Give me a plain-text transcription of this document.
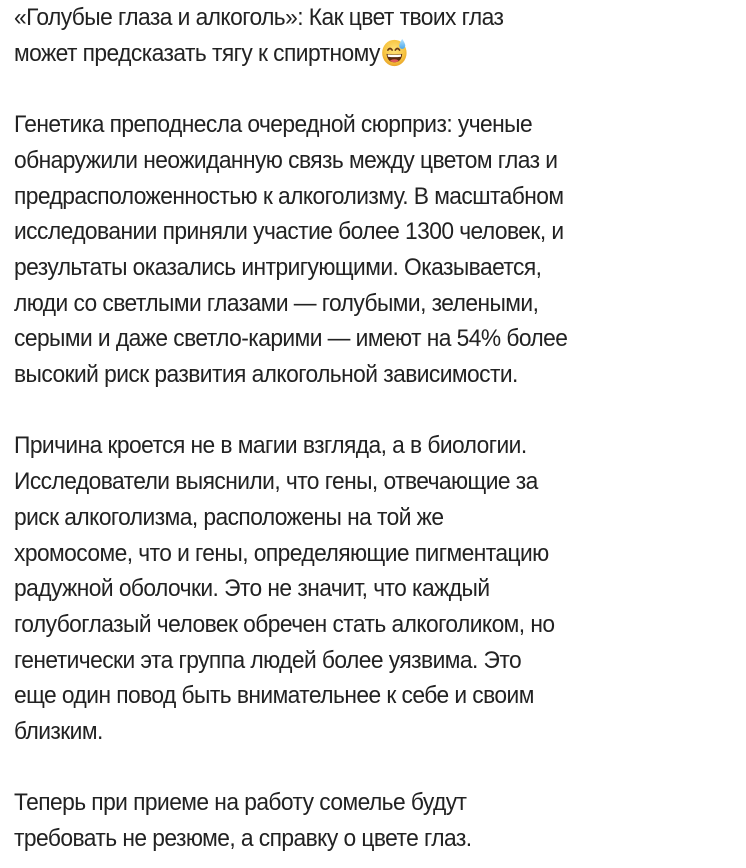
«Голубые глаза и алкоголь»: Как цвет твоих глаз
может предсказать тягу к спиртному

Генетика преподнесла очередной сюрприз: ученые
обнаружили неожиданную связь между цветом глаз и
предрасположенностью к алкоголизму. В масштабном
исследовании приняли участие более 1300 человек, и
результаты оказались интригующими. Оказывается,
люди со светлыми глазами — голубыми, зелеными,
серыми и даже светло-карими — имеют на 54% более
высокий риск развития алкогольной зависимости.

Причина кроется не в магии взгляда, а в биологии.
Исследователи выяснили, что гены, отвечающие за
риск алкоголизма, расположены на той же
хромосоме, что и гены, определяющие пигментацию
радужной оболочки. Это не значит, что каждый
голубоглазый человек обречен стать алкоголиком, но
генетически эта группа людей более уязвима. Это
еще один повод быть внимательнее к себе и своим
близким.

Теперь при приеме на работу сомелье будут
требовать не резюме, а справку о цвете глаз.
